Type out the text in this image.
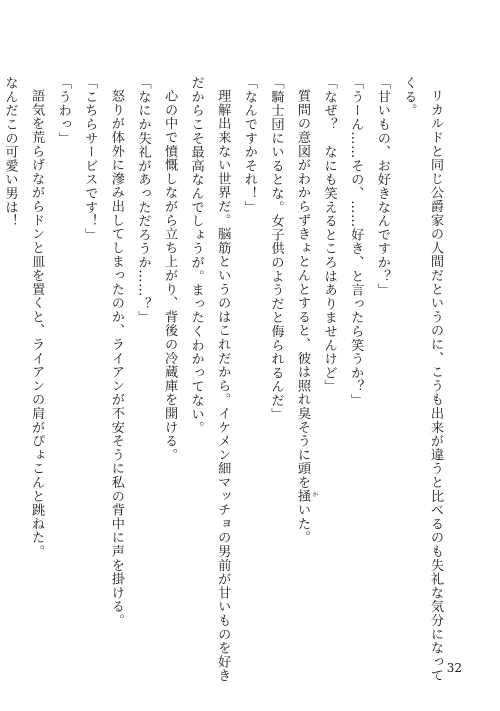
リカルドと同じ公爵家の人間だというのに、こうも出来が違うと比べるのも失礼な気分になって
くる。
「甘いもの、お好きなんですか？」
「うーん……その、……好き、と言ったら笑うか？」
「なぜ？　なにも笑えるところはありませんけど」
質問の意図がわからずきょとんとすると、彼は照れ臭そうに頭を掻 か
いた。
「騎士団にいるとな。女子供のようだと侮られるんだ」
「なんですかそれ！」
理解出来ない世界だ。脳筋というのはこれだから。イケメン細マッチョの男前が甘いものを好き
だからこそ最高なんでしょうが。まったくわかってない。
心の中で憤慨しながら立ち上がり、背後の冷蔵庫を開ける。
「なにか失礼があっただろうか……？」
怒りが体外に滲み出してしまったのか、ライアンが不安そうに私の背中に声を掛ける。
「こちらサービスです！」
「うわっ」
語気を荒らげながらドンと皿を置くと、ライアンの肩がぴょこんと跳ねた。
なんだこの可愛い男は！
32
